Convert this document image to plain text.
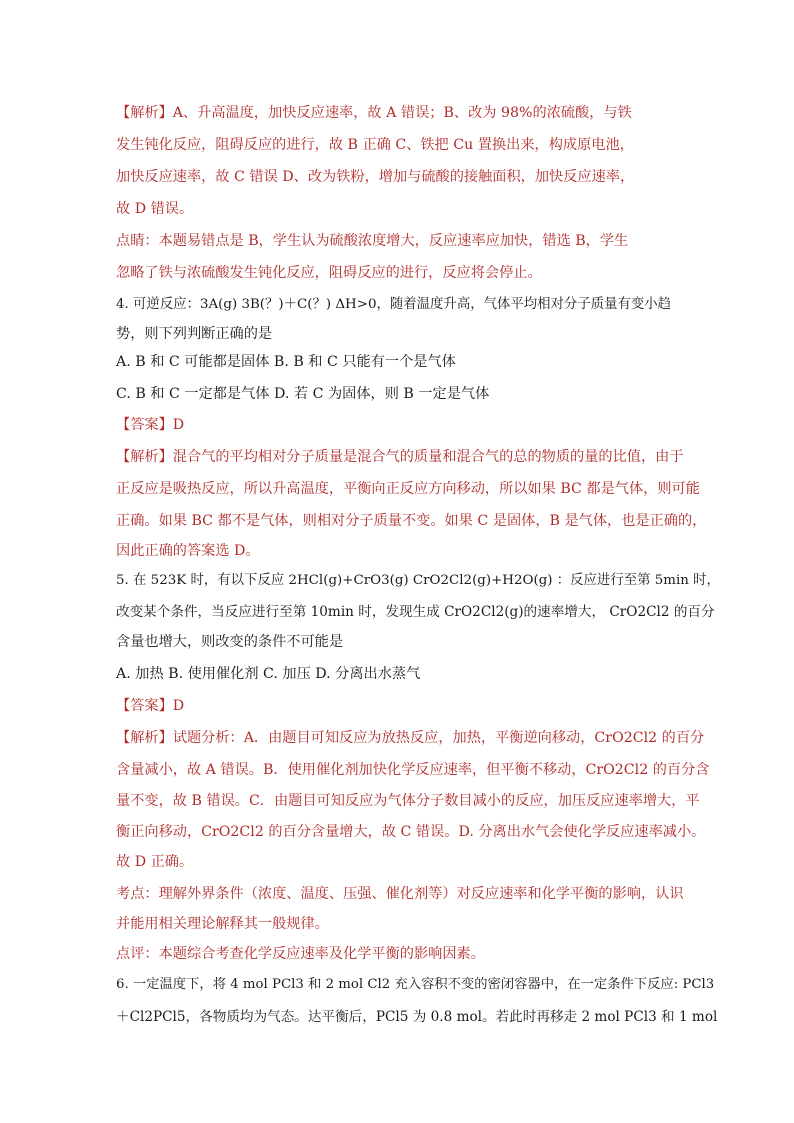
【解析】A、升高温度，加快反应速率，故 A 错误；B、改为 98%的浓硫酸，与铁
发生钝化反应，阻碍反应的进行，故 B 正确 C、铁把 Cu 置换出来，构成原电池，
加快反应速率，故 C 错误 D、改为铁粉，增加与硫酸的接触面积，加快反应速率，
故 D 错误。
点睛：本题易错点是 B，学生认为硫酸浓度增大，反应速率应加快，错选 B，学生
忽略了铁与浓硫酸发生钝化反应，阻碍反应的进行，反应将会停止。
4. 可逆反应：3A(g) 3B(？)＋C(？) ΔH>0，随着温度升高，气体平均相对分子质量有变小趋
势，则下列判断正确的是
A. B 和 C 可能都是固体 B. B 和 C 只能有一个是气体
C. B 和 C 一定都是气体 D. 若 C 为固体，则 B 一定是气体
【答案】D
【解析】混合气的平均相对分子质量是混合气的质量和混合气的总的物质的量的比值，由于
正反应是吸热反应，所以升高温度，平衡向正反应方向移动，所以如果 BC 都是气体，则可能
正确。如果 BC 都不是气体，则相对分子质量不变。如果 C 是固体，B 是气体，也是正确的，
因此正确的答案选 D。
5. 在 523K 时，有以下反应 2HCl(g)+CrO3(g) CrO2Cl2(g)+H2O(g) ：反应进行至第 5min 时，
改变某个条件，当反应进行至第 10min 时，发现生成 CrO2Cl2(g)的速率增大， CrO2Cl2 的百分
含量也增大，则改变的条件不可能是
A. 加热 B. 使用催化剂 C. 加压 D. 分离出水蒸气
【答案】D
【解析】试题分析：A．由题目可知反应为放热反应，加热，平衡逆向移动，CrO2Cl2 的百分
含量减小，故 A 错误。B．使用催化剂加快化学反应速率，但平衡不移动，CrO2Cl2 的百分含
量不变，故 B 错误。C．由题目可知反应为气体分子数目减小的反应，加压反应速率增大，平
衡正向移动，CrO2Cl2 的百分含量增大，故 C 错误。D. 分离出水气会使化学反应速率减小。
故 D 正确。
考点：理解外界条件（浓度、温度、压强、催化剂等）对反应速率和化学平衡的影响，认识
并能用相关理论解释其一般规律。
点评：本题综合考查化学反应速率及化学平衡的影响因素。
6. 一定温度下，将 4 mol PCl3 和 2 mol Cl2 充入容积不变的密闭容器中，在一定条件下反应: PCl3
＋Cl2PCl5，各物质均为气态。达平衡后，PCl5 为 0.8 mol。若此时再移走 2 mol PCl3 和 1 mol
